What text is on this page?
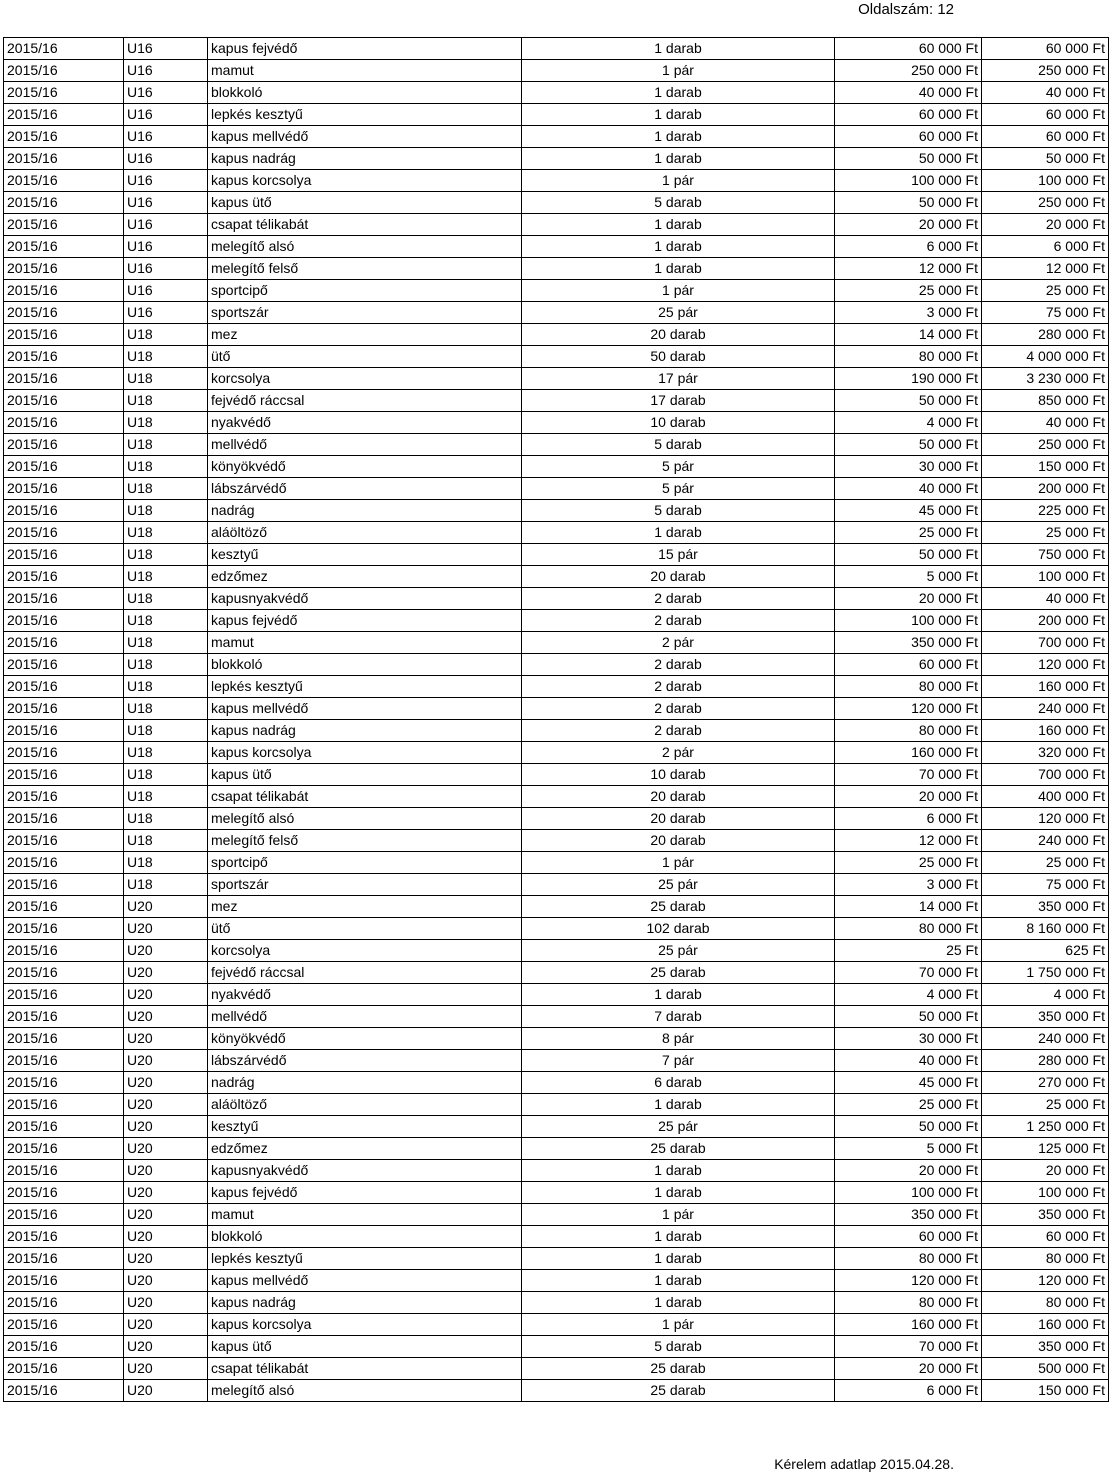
Oldalszám: 12
2015/16	U16	kapus fejvédő	1 darab	60 000 Ft	60 000 Ft
2015/16	U16	mamut	1 pár	250 000 Ft	250 000 Ft
2015/16	U16	blokkoló	1 darab	40 000 Ft	40 000 Ft
2015/16	U16	lepkés kesztyű	1 darab	60 000 Ft	60 000 Ft
2015/16	U16	kapus mellvédő	1 darab	60 000 Ft	60 000 Ft
2015/16	U16	kapus nadrág	1 darab	50 000 Ft	50 000 Ft
2015/16	U16	kapus korcsolya	1 pár	100 000 Ft	100 000 Ft
2015/16	U16	kapus ütő	5 darab	50 000 Ft	250 000 Ft
2015/16	U16	csapat télikabát	1 darab	20 000 Ft	20 000 Ft
2015/16	U16	melegítő alsó	1 darab	6 000 Ft	6 000 Ft
2015/16	U16	melegítő felső	1 darab	12 000 Ft	12 000 Ft
2015/16	U16	sportcipő	1 pár	25 000 Ft	25 000 Ft
2015/16	U16	sportszár	25 pár	3 000 Ft	75 000 Ft
2015/16	U18	mez	20 darab	14 000 Ft	280 000 Ft
2015/16	U18	ütő	50 darab	80 000 Ft	4 000 000 Ft
2015/16	U18	korcsolya	17 pár	190 000 Ft	3 230 000 Ft
2015/16	U18	fejvédő ráccsal	17 darab	50 000 Ft	850 000 Ft
2015/16	U18	nyakvédő	10 darab	4 000 Ft	40 000 Ft
2015/16	U18	mellvédő	5 darab	50 000 Ft	250 000 Ft
2015/16	U18	könyökvédő	5 pár	30 000 Ft	150 000 Ft
2015/16	U18	lábszárvédő	5 pár	40 000 Ft	200 000 Ft
2015/16	U18	nadrág	5 darab	45 000 Ft	225 000 Ft
2015/16	U18	aláöltöző	1 darab	25 000 Ft	25 000 Ft
2015/16	U18	kesztyű	15 pár	50 000 Ft	750 000 Ft
2015/16	U18	edzőmez	20 darab	5 000 Ft	100 000 Ft
2015/16	U18	kapusnyakvédő	2 darab	20 000 Ft	40 000 Ft
2015/16	U18	kapus fejvédő	2 darab	100 000 Ft	200 000 Ft
2015/16	U18	mamut	2 pár	350 000 Ft	700 000 Ft
2015/16	U18	blokkoló	2 darab	60 000 Ft	120 000 Ft
2015/16	U18	lepkés kesztyű	2 darab	80 000 Ft	160 000 Ft
2015/16	U18	kapus mellvédő	2 darab	120 000 Ft	240 000 Ft
2015/16	U18	kapus nadrág	2 darab	80 000 Ft	160 000 Ft
2015/16	U18	kapus korcsolya	2 pár	160 000 Ft	320 000 Ft
2015/16	U18	kapus ütő	10 darab	70 000 Ft	700 000 Ft
2015/16	U18	csapat télikabát	20 darab	20 000 Ft	400 000 Ft
2015/16	U18	melegítő alsó	20 darab	6 000 Ft	120 000 Ft
2015/16	U18	melegítő felső	20 darab	12 000 Ft	240 000 Ft
2015/16	U18	sportcipő	1 pár	25 000 Ft	25 000 Ft
2015/16	U18	sportszár	25 pár	3 000 Ft	75 000 Ft
2015/16	U20	mez	25 darab	14 000 Ft	350 000 Ft
2015/16	U20	ütő	102 darab	80 000 Ft	8 160 000 Ft
2015/16	U20	korcsolya	25 pár	25 Ft	625 Ft
2015/16	U20	fejvédő ráccsal	25 darab	70 000 Ft	1 750 000 Ft
2015/16	U20	nyakvédő	1 darab	4 000 Ft	4 000 Ft
2015/16	U20	mellvédő	7 darab	50 000 Ft	350 000 Ft
2015/16	U20	könyökvédő	8 pár	30 000 Ft	240 000 Ft
2015/16	U20	lábszárvédő	7 pár	40 000 Ft	280 000 Ft
2015/16	U20	nadrág	6 darab	45 000 Ft	270 000 Ft
2015/16	U20	aláöltöző	1 darab	25 000 Ft	25 000 Ft
2015/16	U20	kesztyű	25 pár	50 000 Ft	1 250 000 Ft
2015/16	U20	edzőmez	25 darab	5 000 Ft	125 000 Ft
2015/16	U20	kapusnyakvédő	1 darab	20 000 Ft	20 000 Ft
2015/16	U20	kapus fejvédő	1 darab	100 000 Ft	100 000 Ft
2015/16	U20	mamut	1 pár	350 000 Ft	350 000 Ft
2015/16	U20	blokkoló	1 darab	60 000 Ft	60 000 Ft
2015/16	U20	lepkés kesztyű	1 darab	80 000 Ft	80 000 Ft
2015/16	U20	kapus mellvédő	1 darab	120 000 Ft	120 000 Ft
2015/16	U20	kapus nadrág	1 darab	80 000 Ft	80 000 Ft
2015/16	U20	kapus korcsolya	1 pár	160 000 Ft	160 000 Ft
2015/16	U20	kapus ütő	5 darab	70 000 Ft	350 000 Ft
2015/16	U20	csapat télikabát	25 darab	20 000 Ft	500 000 Ft
2015/16	U20	melegítő alsó	25 darab	6 000 Ft	150 000 Ft
Kérelem adatlap 2015.04.28.
